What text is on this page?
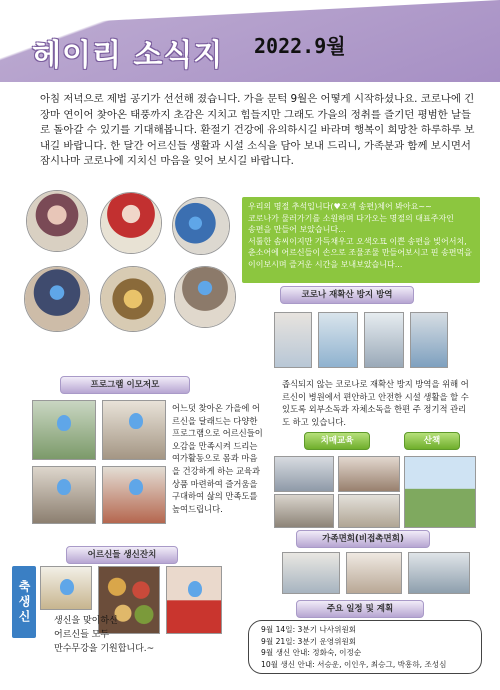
헤이리 소식지 2022.9월
아침 저녁으로 제법 공기가 선선해 졌습니다. 가을 문턱 9월은 어떻게 시작하셨나요. 코로나에 긴 장마 연이어 찾아온 태풍까지 초감은 지치고 힘들지만 그래도 가을의 정취를 즐기던 평범한 날들로 돌아갈 수 있기를 기대해봅니다. 환절기 건강에 유의하시길 바라며 행복이 희망찬 하루하루 보내길 바랍니다. 한 달간 어르신들 생활과 시설 소식을 담아 보내 드리니, 가족분과 함께 보시면서 잠시나마 코로나에 지치신 마음을 잊어 보시길 바랍니다.
우리의 명절 추석입니다(♥오색 송편)체어 봐아요~~
코로나가 물러가기를 소원하며 다가오는 명절의 대표주자인
송편을 만들어 보았습니다...
서툴한 솜씨이지만 가득채우고 오색오묘 이쁜 송편을 빚어서치,
춘소어에 어르신들이 손으로 조물조물 만들어보시고 핀 송편먹을
이이보시며 즐거운 시간을 보내보았습니다...
코로나 재확산 방지 방역
좁식되지 않는 코로나로 재확산 방지 방역을 위해 어르신이 병원에서 편안하고 안전한 시설 생활을 할 수 있도록 외부소독과 자체소독을 한편 주 정기적 관리도 하고 있습니다.
프로그램 이모저모
어느덧 찾아온 가을에 어르신을 달래드는 다양한 프로그램으로 어르신들이 오감을 만족시켜 드리는 여가활동으로 몸과 마음을 건강하게 하는 교육과 상품 마련하여 즐거움을 구대하여 삶의 만족도를 높여드립니다.
치매교육	산책
가족면회(비접촉면회)
어르신들 생신잔치
축생신	생신을 맞이하신
어르신들 모두
만수무강을 기원합니다.~
주요 일정 및 계획
9월 14일: 3분기 나사위원회
9월 21일: 3분기 운영위원회
9월 생신 안내: 정화숙, 이정순
10월 생신 안내: 서승운, 이인우, 최승그, 박흥하, 조성심
